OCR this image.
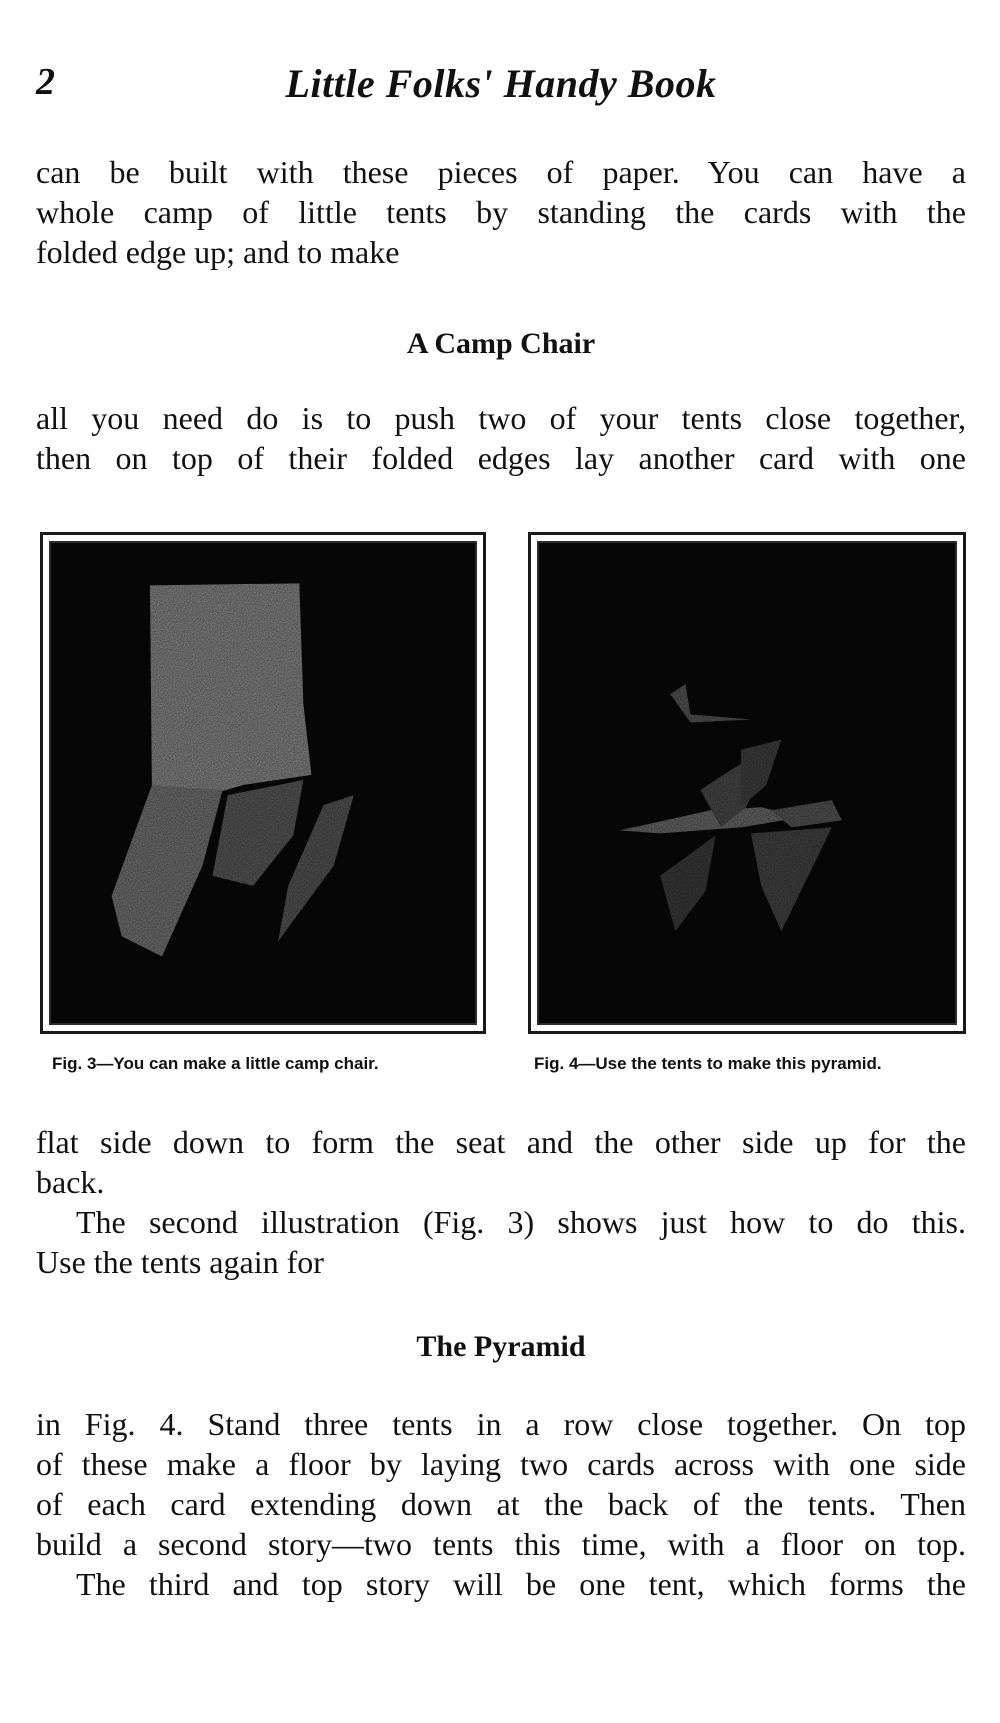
2	Little Folks' Handy Book
can be built with these pieces of paper. You can have a
whole camp of little tents by standing the cards with the
folded edge up; and to make
A Camp Chair
all you need do is to push two of your tents close together,
then on top of their folded edges lay another card with one
Fig. 3—You can make a little camp chair.	Fig. 4—Use the tents to make this pyramid.
flat side down to form the seat and the other side up for the
back.
The second illustration (Fig. 3) shows just how to do this.
Use the tents again for
The Pyramid
in Fig. 4. Stand three tents in a row close together. On top
of these make a floor by laying two cards across with one side
of each card extending down at the back of the tents. Then
build a second story—two tents this time, with a floor on top.
The third and top story will be one tent, which forms the
